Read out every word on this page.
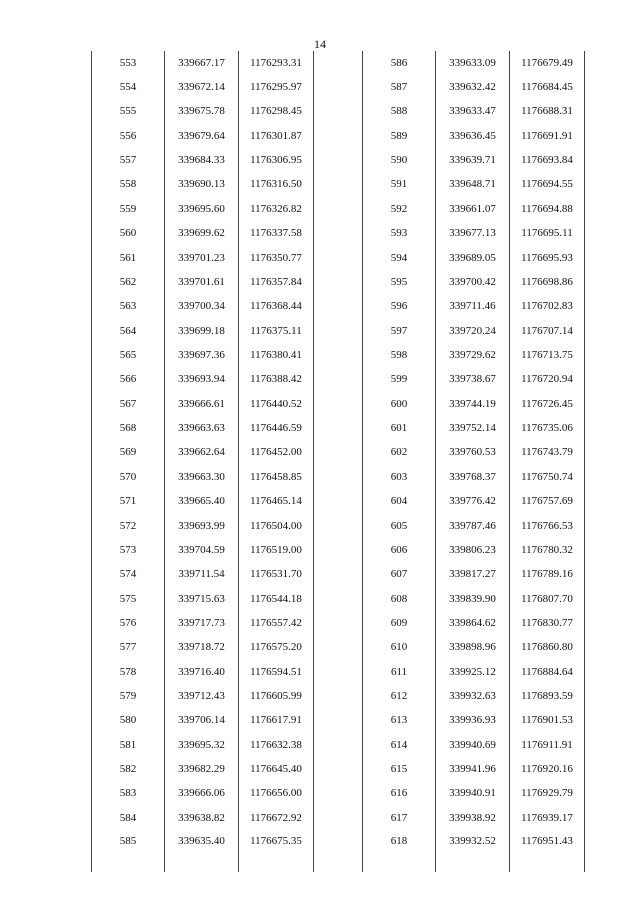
14
553	339667.17	1176293.31
554	339672.14	1176295.97
555	339675.78	1176298.45
556	339679.64	1176301.87
557	339684.33	1176306.95
558	339690.13	1176316.50
559	339695.60	1176326.82
560	339699.62	1176337.58
561	339701.23	1176350.77
562	339701.61	1176357.84
563	339700.34	1176368.44
564	339699.18	1176375.11
565	339697.36	1176380.41
566	339693.94	1176388.42
567	339666.61	1176440.52
568	339663.63	1176446.59
569	339662.64	1176452.00
570	339663.30	1176458.85
571	339665.40	1176465.14
572	339693.99	1176504.00
573	339704.59	1176519.00
574	339711.54	1176531.70
575	339715.63	1176544.18
576	339717.73	1176557.42
577	339718.72	1176575.20
578	339716.40	1176594.51
579	339712.43	1176605.99
580	339706.14	1176617.91
581	339695.32	1176632.38
582	339682.29	1176645.40
583	339666.06	1176656.00
584	339638.82	1176672.92
585	339635.40	1176675.35
586	339633.09	1176679.49
587	339632.42	1176684.45
588	339633.47	1176688.31
589	339636.45	1176691.91
590	339639.71	1176693.84
591	339648.71	1176694.55
592	339661.07	1176694.88
593	339677.13	1176695.11
594	339689.05	1176695.93
595	339700.42	1176698.86
596	339711.46	1176702.83
597	339720.24	1176707.14
598	339729.62	1176713.75
599	339738.67	1176720.94
600	339744.19	1176726.45
601	339752.14	1176735.06
602	339760.53	1176743.79
603	339768.37	1176750.74
604	339776.42	1176757.69
605	339787.46	1176766.53
606	339806.23	1176780.32
607	339817.27	1176789.16
608	339839.90	1176807.70
609	339864.62	1176830.77
610	339898.96	1176860.80
611	339925.12	1176884.64
612	339932.63	1176893.59
613	339936.93	1176901.53
614	339940.69	1176911.91
615	339941.96	1176920.16
616	339940.91	1176929.79
617	339938.92	1176939.17
618	339932.52	1176951.43
